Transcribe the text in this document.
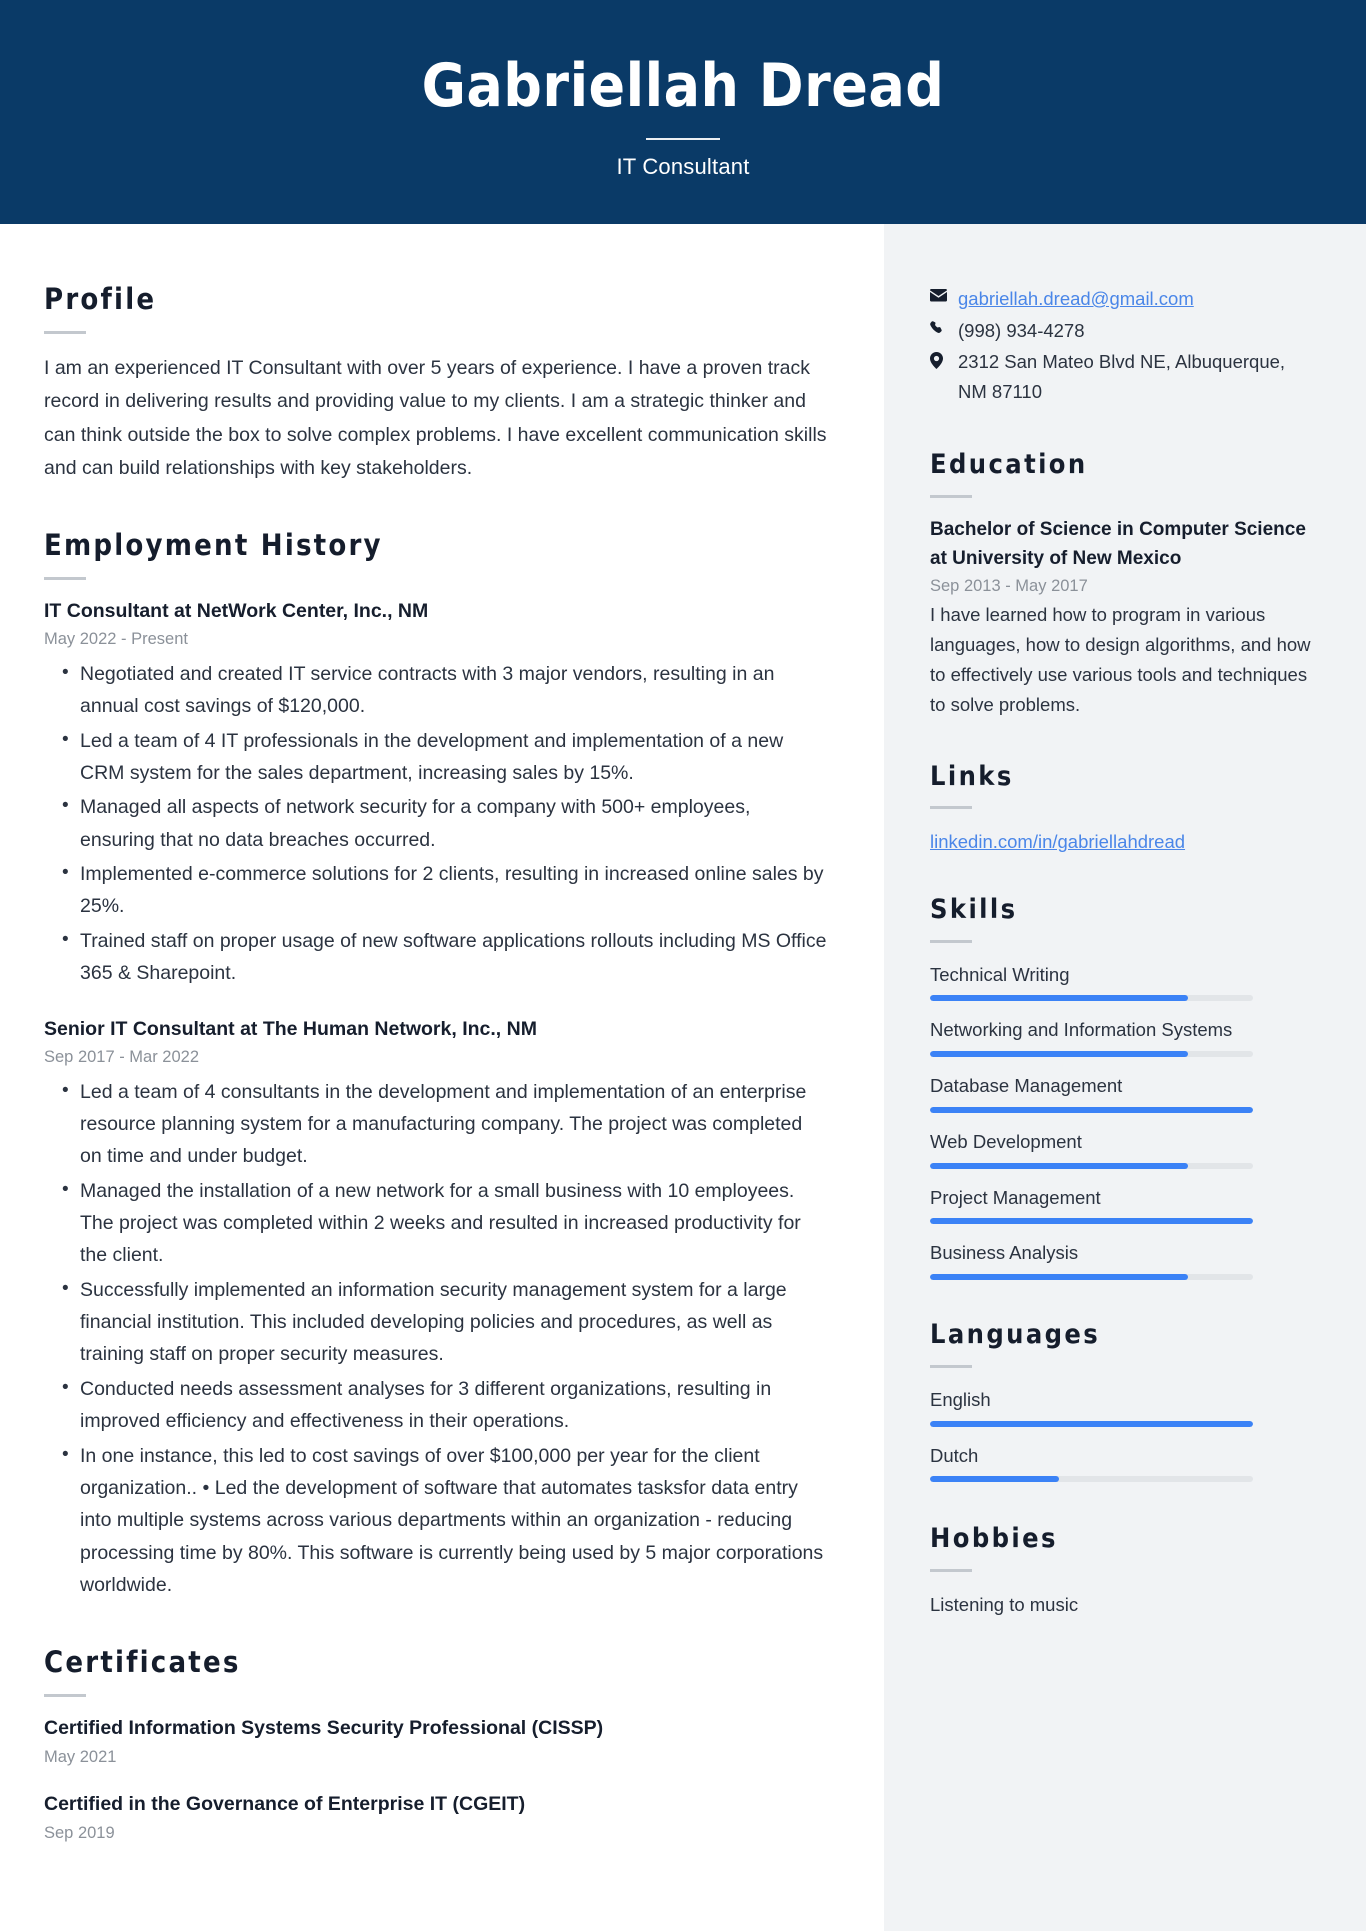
Gabriellah Dread
IT Consultant
Profile

I am an experienced IT Consultant with over 5 years of experience. I have a proven track record in delivering results and providing value to my clients. I am a strategic thinker and can think outside the box to solve complex problems. I have excellent communication skills and can build relationships with key stakeholders.

Employment History
IT Consultant at NetWork Center, Inc., NM
May 2022 - Present
• Negotiated and created IT service contracts with 3 major vendors, resulting in an annual cost savings of $120,000.
• Led a team of 4 IT professionals in the development and implementation of a new CRM system for the sales department, increasing sales by 15%.
• Managed all aspects of network security for a company with 500+ employees, ensuring that no data breaches occurred.
• Implemented e-commerce solutions for 2 clients, resulting in increased online sales by 25%.
• Trained staff on proper usage of new software applications rollouts including MS Office 365 & Sharepoint.
Senior IT Consultant at The Human Network, Inc., NM
Sep 2017 - Mar 2022
• Led a team of 4 consultants in the development and implementation of an enterprise resource planning system for a manufacturing company. The project was completed on time and under budget.
• Managed the installation of a new network for a small business with 10 employees. The project was completed within 2 weeks and resulted in increased productivity for the client.
• Successfully implemented an information security management system for a large financial institution. This included developing policies and procedures, as well as training staff on proper security measures.
• Conducted needs assessment analyses for 3 different organizations, resulting in improved efficiency and effectiveness in their operations.
• In one instance, this led to cost savings of over $100,000 per year for the client organization.. • Led the development of software that automates tasksfor data entry into multiple systems across various departments within an organization - reducing processing time by 80%. This software is currently being used by 5 major corporations worldwide.
Certificates
Certified Information Systems Security Professional (CISSP)
May 2021
Certified in the Governance of Enterprise IT (CGEIT)
Sep 2019
gabriellah.dread@gmail.com
(998) 934-4278
2312 San Mateo Blvd NE, Albuquerque, NM 87110
Education
Bachelor of Science in Computer Science at University of New Mexico
Sep 2013 - May 2017
I have learned how to program in various languages, how to design algorithms, and how to effectively use various tools and techniques to solve problems.
Links
linkedin.com/in/gabriellahdread
Skills
Technical Writing
Networking and Information Systems
Database Management
Web Development
Project Management
Business Analysis
Languages
English
Dutch
Hobbies
Listening to music
